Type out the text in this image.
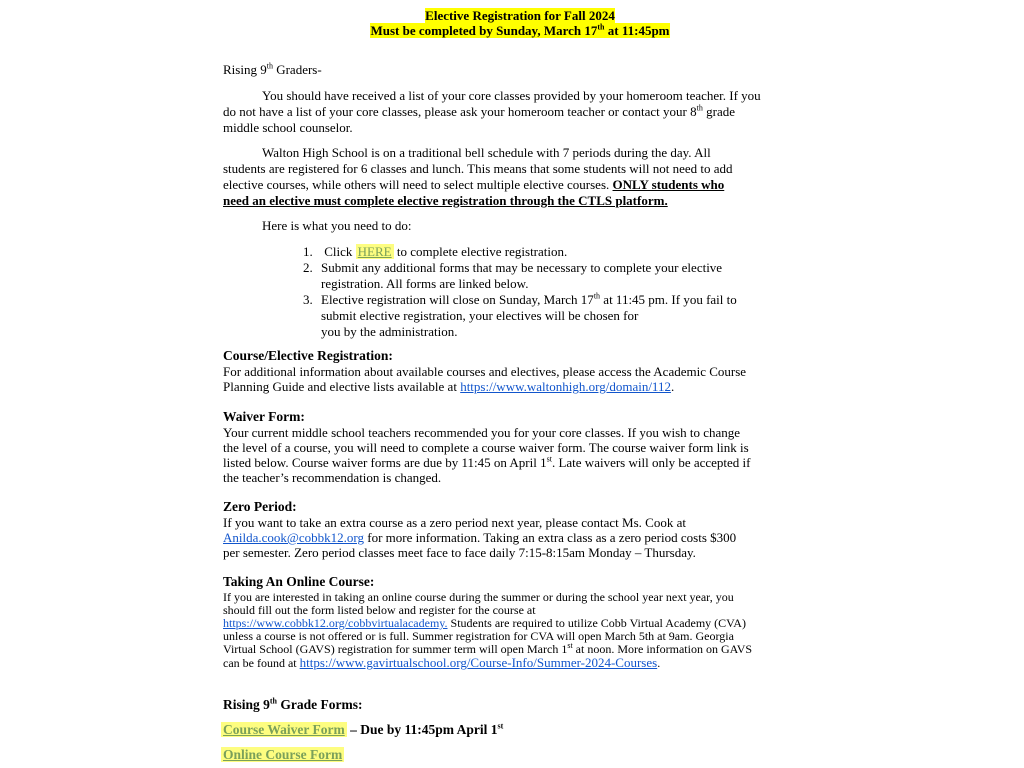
Elective Registration for Fall 2024
Must be completed by Sunday, March 17th at 11:45pm
Rising 9th Graders-
You should have received a list of your core classes provided by your homeroom teacher. If you
do not have a list of your core classes, please ask your homeroom teacher or contact your 8th grade
middle school counselor.
Walton High School is on a traditional bell schedule with 7 periods during the day. All
students are registered for 6 classes and lunch. This means that some students will not need to add
elective courses, while others will need to select multiple elective courses. ONLY students who
need an elective must complete elective registration through the CTLS platform.
Here is what you need to do:
1. Click HERE to complete elective registration.
2. Submit any additional forms that may be necessary to complete your elective
registration. All forms are linked below.
3. Elective registration will close on Sunday, March 17th at 11:45 pm. If you fail to
submit elective registration, your electives will be chosen for
you by the administration.
Course/Elective Registration:
For additional information about available courses and electives, please access the Academic Course
Planning Guide and elective lists available at https://www.waltonhigh.org/domain/112.
Waiver Form:
Your current middle school teachers recommended you for your core classes. If you wish to change
the level of a course, you will need to complete a course waiver form. The course waiver form link is
listed below. Course waiver forms are due by 11:45 on April 1st. Late waivers will only be accepted if
the teacher’s recommendation is changed.
Zero Period:
If you want to take an extra course as a zero period next year, please contact Ms. Cook at
Anilda.cook@cobbk12.org for more information. Taking an extra class as a zero period costs $300
per semester. Zero period classes meet face to face daily 7:15-8:15am Monday – Thursday.
Taking An Online Course:
If you are interested in taking an online course during the summer or during the school year next year, you
should fill out the form listed below and register for the course at
https://www.cobbk12.org/cobbvirtualacademy. Students are required to utilize Cobb Virtual Academy (CVA)
unless a course is not offered or is full. Summer registration for CVA will open March 5th at 9am. Georgia
Virtual School (GAVS) registration for summer term will open March 1st at noon. More information on GAVS
can be found at https://www.gavirtualschool.org/Course-Info/Summer-2024-Courses.
Rising 9th Grade Forms:
Course Waiver Form – Due by 11:45pm April 1st
Online Course Form
